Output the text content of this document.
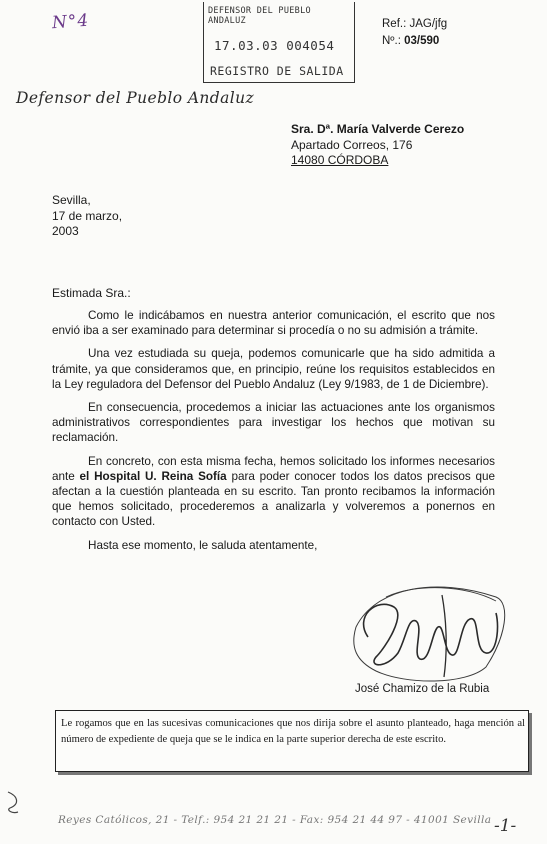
N°4	DEFENSOR DEL PUEBLO ANDALUZ
17.03.03 004054
REGISTRO DE SALIDA
Ref.: JAG/jfg
Nº.: 03/590
Defensor del Pueblo Andaluz
Sra. Dª. María Valverde Cerezo
Apartado Correos, 176
14080 CÓRDOBA
Sevilla,
17 de marzo,
2003
Estimada Sra.:

Como le indicábamos en nuestra anterior comunicación, el escrito que nos envió iba a ser examinado para determinar si procedía o no su admisión a trámite.

Una vez estudiada su queja, podemos comunicarle que ha sido admitida a trámite, ya que consideramos que, en principio, reúne los requisitos establecidos en la Ley reguladora del Defensor del Pueblo Andaluz (Ley 9/1983, de 1 de Diciembre).

En consecuencia, procedemos a iniciar las actuaciones ante los organismos administrativos correspondientes para investigar los hechos que motivan su reclamación.

En concreto, con esta misma fecha, hemos solicitado los informes necesarios ante el Hospital U. Reina Sofía para poder conocer todos los datos precisos que afectan a la cuestión planteada en su escrito. Tan pronto recibamos la información que hemos solicitado, procederemos a analizarla y volveremos a ponernos en contacto con Usted.

Hasta ese momento, le saluda atentamente,

José Chamizo de la Rubia
Le rogamos que en las sucesivas comunicaciones que nos dirija sobre el asunto planteado, haga mención al número de expediente de queja que se le indica en la parte superior derecha de este escrito.
Reyes Católicos, 21 - Telf.: 954 21 21 21 - Fax: 954 21 44 97 - 41001 Sevilla -1-
